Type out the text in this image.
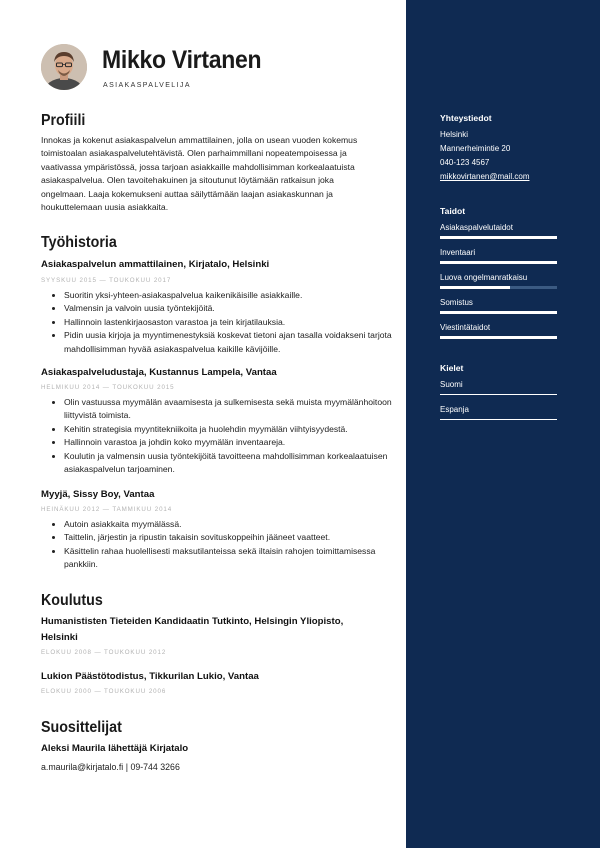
Mikko Virtanen
ASIAKASPALVELIJA
Profiili
Innokas ja kokenut asiakaspalvelun ammattilainen, jolla on usean vuoden kokemus toimistoalan asiakaspalvelutehtävistä. Olen parhaimmillani nopeatempoisessa ja vaativassa ympäristössä, jossa tarjoan asiakkaille mahdollisimman korkealaatuista asiakaspalvelua. Olen tavoitehakuinen ja sitoutunut löytämään ratkaisun joka ongelmaan. Laaja kokemukseni auttaa säilyttämään laajan asiakaskunnan ja houkuttelemaan uusia asiakkaita.
Työhistoria
Asiakaspalvelun ammattilainen, Kirjatalo, Helsinki
SYYSKUU 2015 — TOUKOKUU 2017
• Suoritin yksi-yhteen-asiakaspalvelua kaikenikäisille asiakkaille.
• Valmensin ja valvoin uusia työntekijöitä.
• Hallinnoin lastenkirjaosaston varastoa ja tein kirjatilauksia.
• Pidin uusia kirjoja ja myyntimenestyksiä koskevat tietoni ajan tasalla voidakseni tarjota mahdollisimman hyvää asiakaspalvelua kaikille kävijöille.
Asiakaspalveludustaja, Kustannus Lampela, Vantaa
HELMIKUU 2014 — TOUKOKUU 2015
• Olin vastuussa myymälän avaamisesta ja sulkemisesta sekä muista myymälänhoitoon liittyvistä toimista.
• Kehitin strategisia myyntitekniikoita ja huolehdin myymälän viihtyisyydestä.
• Hallinnoin varastoa ja johdin koko myymälän inventaareja.
• Koulutin ja valmensin uusia työntekijöitä tavoitteena mahdollisimman korkealaatuisen asiakaspalvelun tarjoaminen.
Myyjä, Sissy Boy, Vantaa
HEINÄKUU 2012 — TAMMIKUU 2014
• Autoin asiakkaita myymälässä.
• Taittelin, järjestin ja ripustin takaisin sovituskoppeihin jääneet vaatteet.
• Käsittelin rahaa huolellisesti maksutilanteissa sekä iltaisin rahojen toimittamisessa pankkiin.
Koulutus
Humanististen Tieteiden Kandidaatin Tutkinto, Helsingin Yliopisto,
Helsinki
ELOKUU 2008 — TOUKOKUU 2012
Lukion Päästötodistus, Tikkurilan Lukio, Vantaa
ELOKUU 2000 — TOUKOKUU 2006
Suosittelijat
Aleksi Maurila lähettäjä Kirjatalo
a.maurila@kirjatalo.fi | 09-744 3266
Yhteystiedot
Helsinki
Mannerheimintie 20
040-123 4567
mikkovirtanen@mail.com
Taidot
Asiakaspalvelutaidot
Inventaari
Luova ongelmanratkaisu
Somistus
Viestintätaidot
Kielet
Suomi
Espanja
